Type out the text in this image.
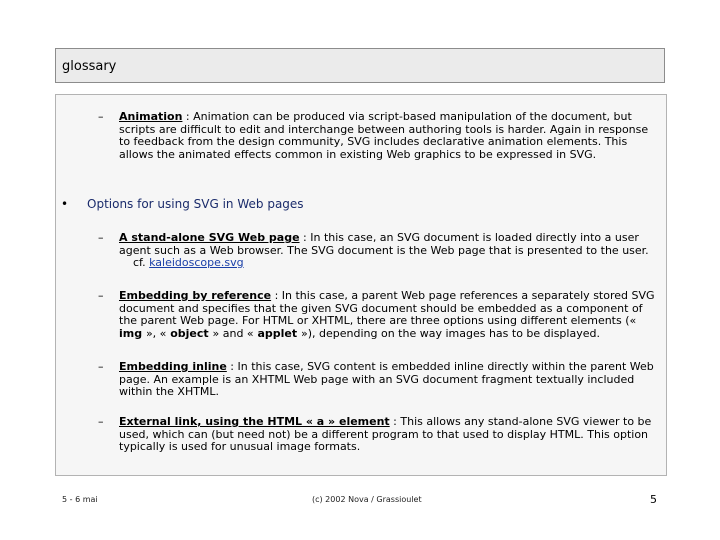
glossary
– Animation : Animation can be produced via script-based manipulation of the document, but scripts are difficult to edit and interchange between authoring tools is harder. Again in response to feedback from the design community, SVG includes declarative animation elements. This allows the animated effects common in existing Web graphics to be expressed in SVG.
• Options for using SVG in Web pages
– A stand-alone SVG Web page : In this case, an SVG document is loaded directly into a user agent such as a Web browser. The SVG document is the Web page that is presented to the user.
cf. kaleidoscope.svg
– Embedding by reference : In this case, a parent Web page references a separately stored SVG document and specifies that the given SVG document should be embedded as a component of the parent Web page. For HTML or XHTML, there are three options using different elements (« img », « object » and « applet »), depending on the way images has to be displayed.
– Embedding inline : In this case, SVG content is embedded inline directly within the parent Web page. An example is an XHTML Web page with an SVG document fragment textually included within the XHTML.
– External link, using the HTML « a » element : This allows any stand-alone SVG viewer to be used, which can (but need not) be a different program to that used to display HTML. This option typically is used for unusual image formats.
5 - 6 mai	(c) 2002 Nova / Grassioulet	5
